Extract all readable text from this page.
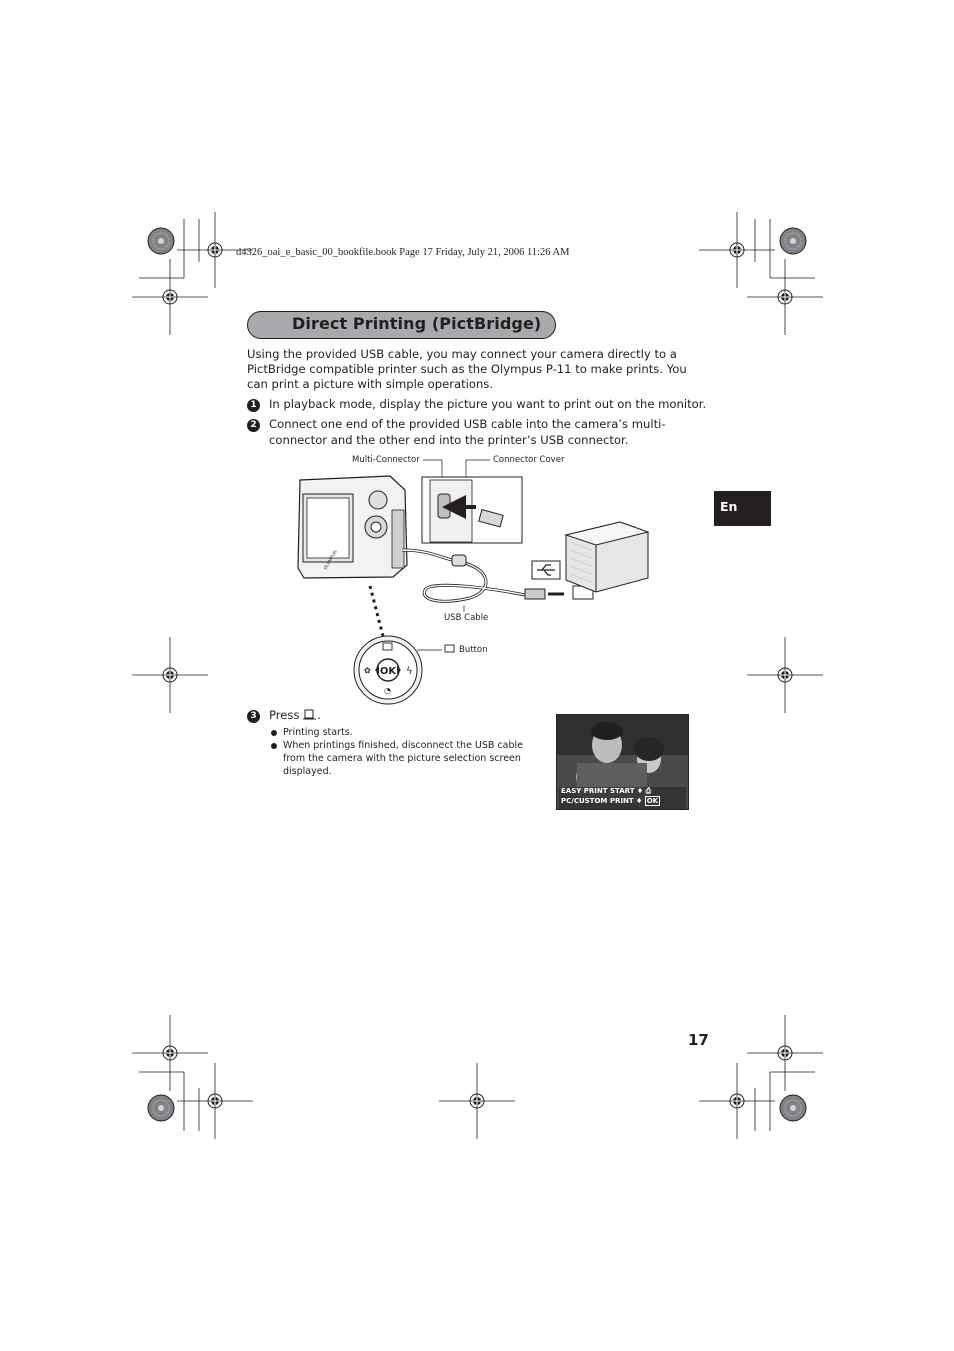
d4326_oai_e_basic_00_bookfile.book Page 17 Friday, July 21, 2006 11:26 AM
Direct Printing (PictBridge)
Using the provided USB cable, you may connect your camera directly to a PictBridge compatible printer such as the Olympus P-11 to make prints. You can print a picture with simple operations.
1 In playback mode, display the picture you want to print out on the monitor.
2 Connect one end of the provided USB cable into the camera’s multi-connector and the other end into the printer’s USB connector.
OLYMPUS
OK
✿	ϟ
◔
Multi-Connector	Connector Cover
USB Cable
Button
3 Press .
Printing starts.
When printings finished, disconnect the USB cable from the camera with the picture selection screen displayed.
EASY PRINT START ♦ ⎙
PC/CUSTOM PRINT ♦ OK
En
17
